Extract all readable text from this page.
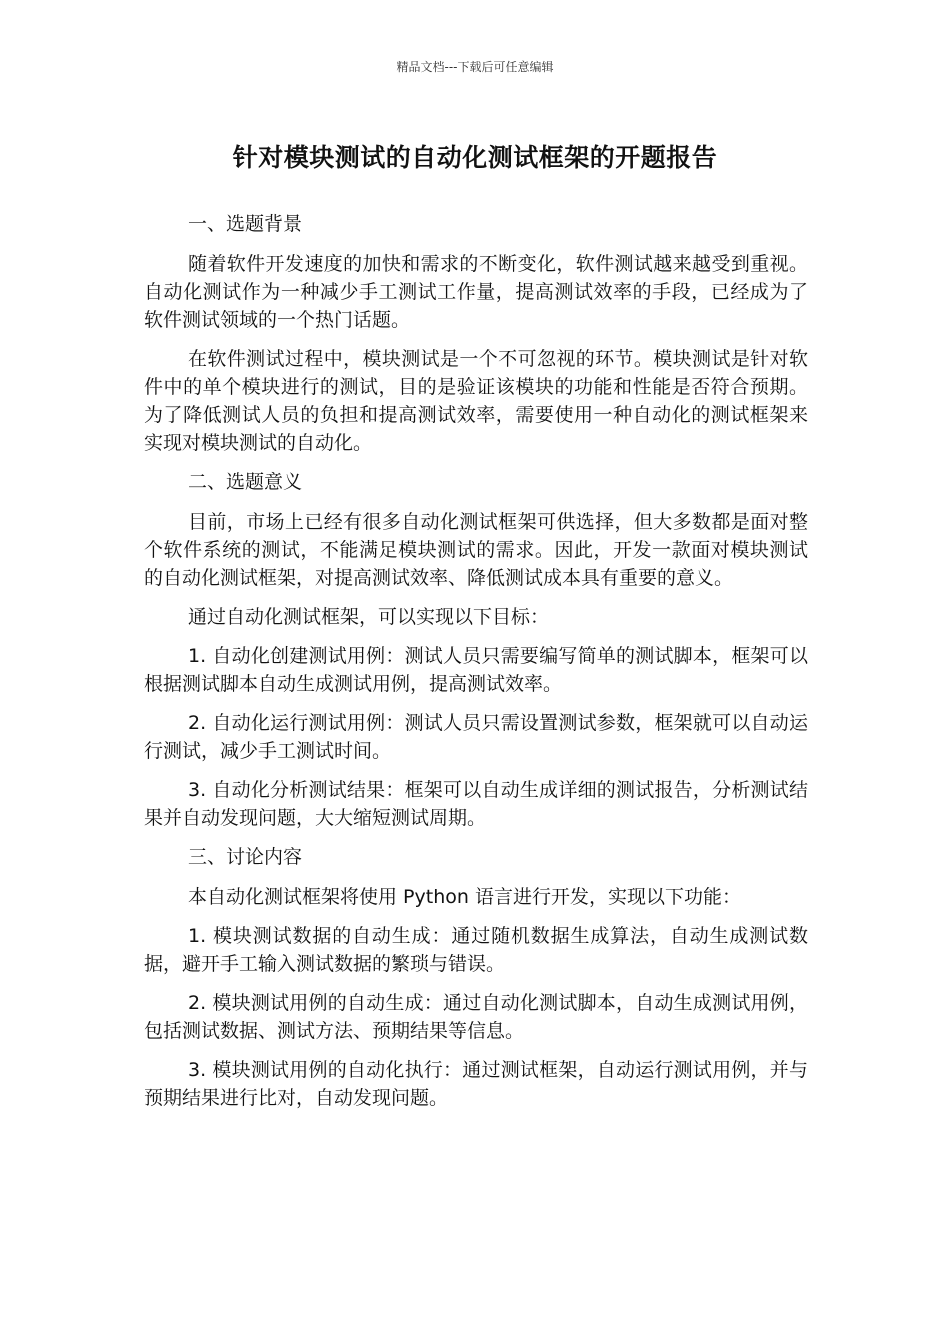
精品文档---下载后可任意编辑
针对模块测试的自动化测试框架的开题报告

一、选题背景

随着软件开发速度的加快和需求的不断变化，软件测试越来越受到重视。自动化测试作为一种减少手工测试工作量，提高测试效率的手段，已经成为了软件测试领域的一个热门话题。

在软件测试过程中，模块测试是一个不可忽视的环节。模块测试是针对软件中的单个模块进行的测试，目的是验证该模块的功能和性能是否符合预期。为了降低测试人员的负担和提高测试效率，需要使用一种自动化的测试框架来实现对模块测试的自动化。

二、选题意义

目前，市场上已经有很多自动化测试框架可供选择，但大多数都是面对整个软件系统的测试，不能满足模块测试的需求。因此，开发一款面对模块测试的自动化测试框架，对提高测试效率、降低测试成本具有重要的意义。

通过自动化测试框架，可以实现以下目标：

1. 自动化创建测试用例：测试人员只需要编写简单的测试脚本，框架可以根据测试脚本自动生成测试用例，提高测试效率。

2. 自动化运行测试用例：测试人员只需设置测试参数，框架就可以自动运行测试，减少手工测试时间。

3. 自动化分析测试结果：框架可以自动生成详细的测试报告，分析测试结果并自动发现问题，大大缩短测试周期。

三、讨论内容

本自动化测试框架将使用 Python 语言进行开发，实现以下功能：

1. 模块测试数据的自动生成：通过随机数据生成算法，自动生成测试数据，避开手工输入测试数据的繁琐与错误。

2. 模块测试用例的自动生成：通过自动化测试脚本，自动生成测试用例，包括测试数据、测试方法、预期结果等信息。

3. 模块测试用例的自动化执行：通过测试框架，自动运行测试用例，并与预期结果进行比对，自动发现问题。
